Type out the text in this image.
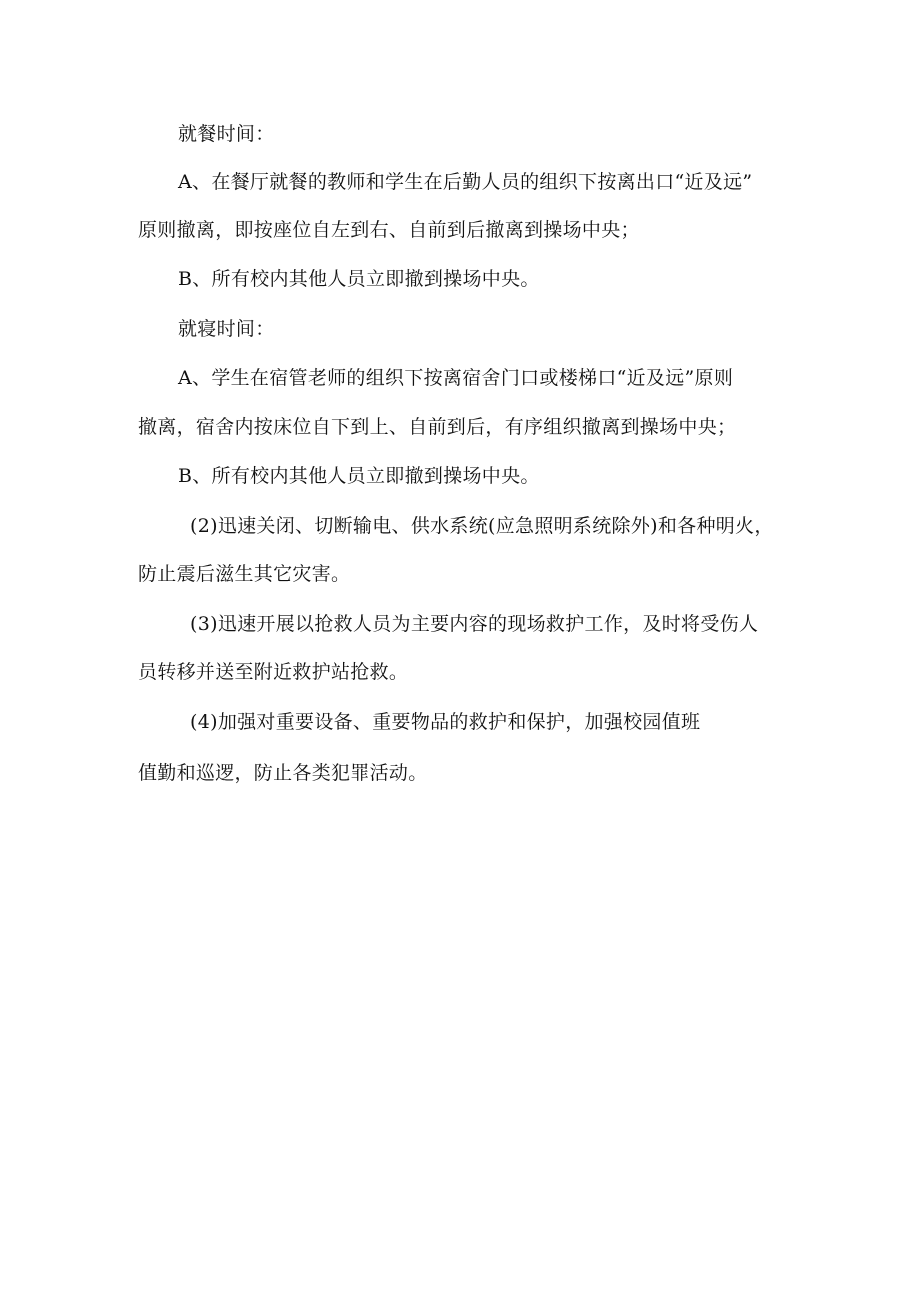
就餐时间：
A、在餐厅就餐的教师和学生在后勤人员的组织下按离出口“近及远”
原则撤离，即按座位自左到右、自前到后撤离到操场中央；
B、所有校内其他人员立即撤到操场中央。
就寝时间：
A、学生在宿管老师的组织下按离宿舍门口或楼梯口“近及远”原则
撤离，宿舍内按床位自下到上、自前到后，有序组织撤离到操场中央；
B、所有校内其他人员立即撤到操场中央。
(2)迅速关闭、切断输电、供水系统(应急照明系统除外)和各种明火，
防止震后滋生其它灾害。
(3)迅速开展以抢救人员为主要内容的现场救护工作，及时将受伤人
员转移并送至附近救护站抢救。
(4)加强对重要设备、重要物品的救护和保护，加强校园值班
值勤和巡逻，防止各类犯罪活动。
